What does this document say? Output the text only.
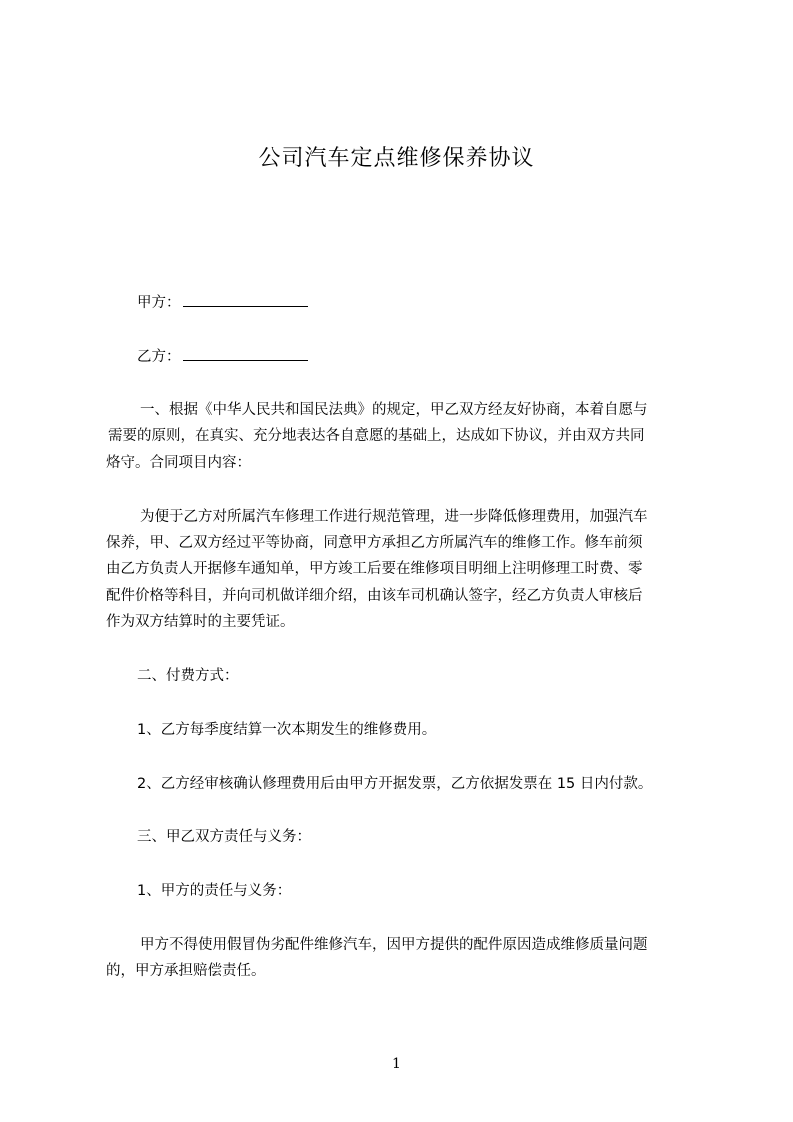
公司汽车定点维修保养协议
甲方：
乙方：
一、根据《中华人民共和国民法典》的规定，甲乙双方经友好协商，本着自愿与
需要的原则，在真实、充分地表达各自意愿的基础上，达成如下协议，并由双方共同
烙守。合同项目内容：
为便于乙方对所属汽车修理工作进行规范管理，进一步降低修理费用，加强汽车
保养，甲、乙双方经过平等协商，同意甲方承担乙方所属汽车的维修工作。修车前须
由乙方负责人开据修车通知单，甲方竣工后要在维修项目明细上注明修理工时费、零
配件价格等科目，并向司机做详细介绍，由该车司机确认签字，经乙方负责人审核后
作为双方结算时的主要凭证。
二、付费方式：
1、乙方每季度结算一次本期发生的维修费用。
2、乙方经审核确认修理费用后由甲方开据发票，乙方依据发票在 15 日内付款。
三、甲乙双方责任与义务：
1、甲方的责任与义务：
甲方不得使用假冒伪劣配件维修汽车，因甲方提供的配件原因造成维修质量问题
的，甲方承担赔偿责任。
1
